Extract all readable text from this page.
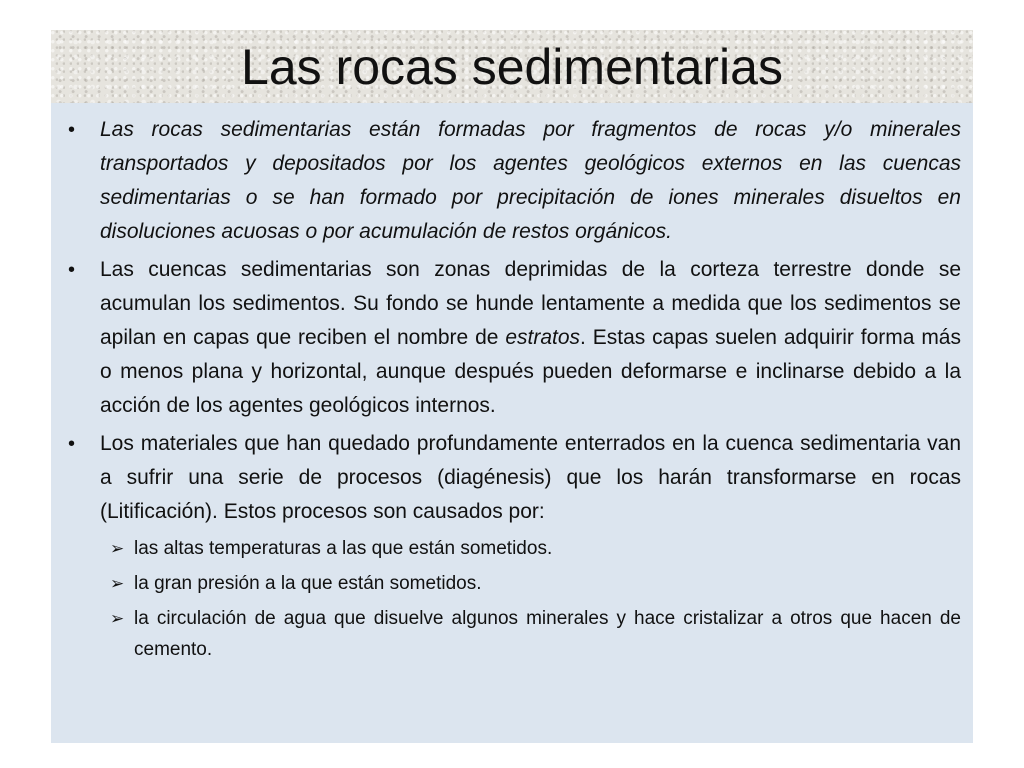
Las rocas sedimentarias
• Las rocas sedimentarias están formadas por fragmentos de rocas y/o minerales transportados y depositados por los agentes geológicos externos en las cuencas sedimentarias o se han formado por precipitación de iones minerales disueltos en disoluciones acuosas o por acumulación de restos orgánicos.
• Las cuencas sedimentarias son zonas deprimidas de la corteza terrestre donde se acumulan los sedimentos. Su fondo se hunde lentamente a medida que los sedimentos se apilan en capas que reciben el nombre de estratos. Estas capas suelen adquirir forma más o menos plana y horizontal, aunque después pueden deformarse e inclinarse debido a la acción de los agentes geológicos internos.
• Los materiales que han quedado profundamente enterrados en la cuenca sedimentaria van a sufrir una serie de procesos (diagénesis) que los harán transformarse en rocas (Litificación). Estos procesos son causados por:
➢ las altas temperaturas a las que están sometidos.
➢ la gran presión a la que están sometidos.
➢ la circulación de agua que disuelve algunos minerales y hace cristalizar a otros que hacen de cemento.
